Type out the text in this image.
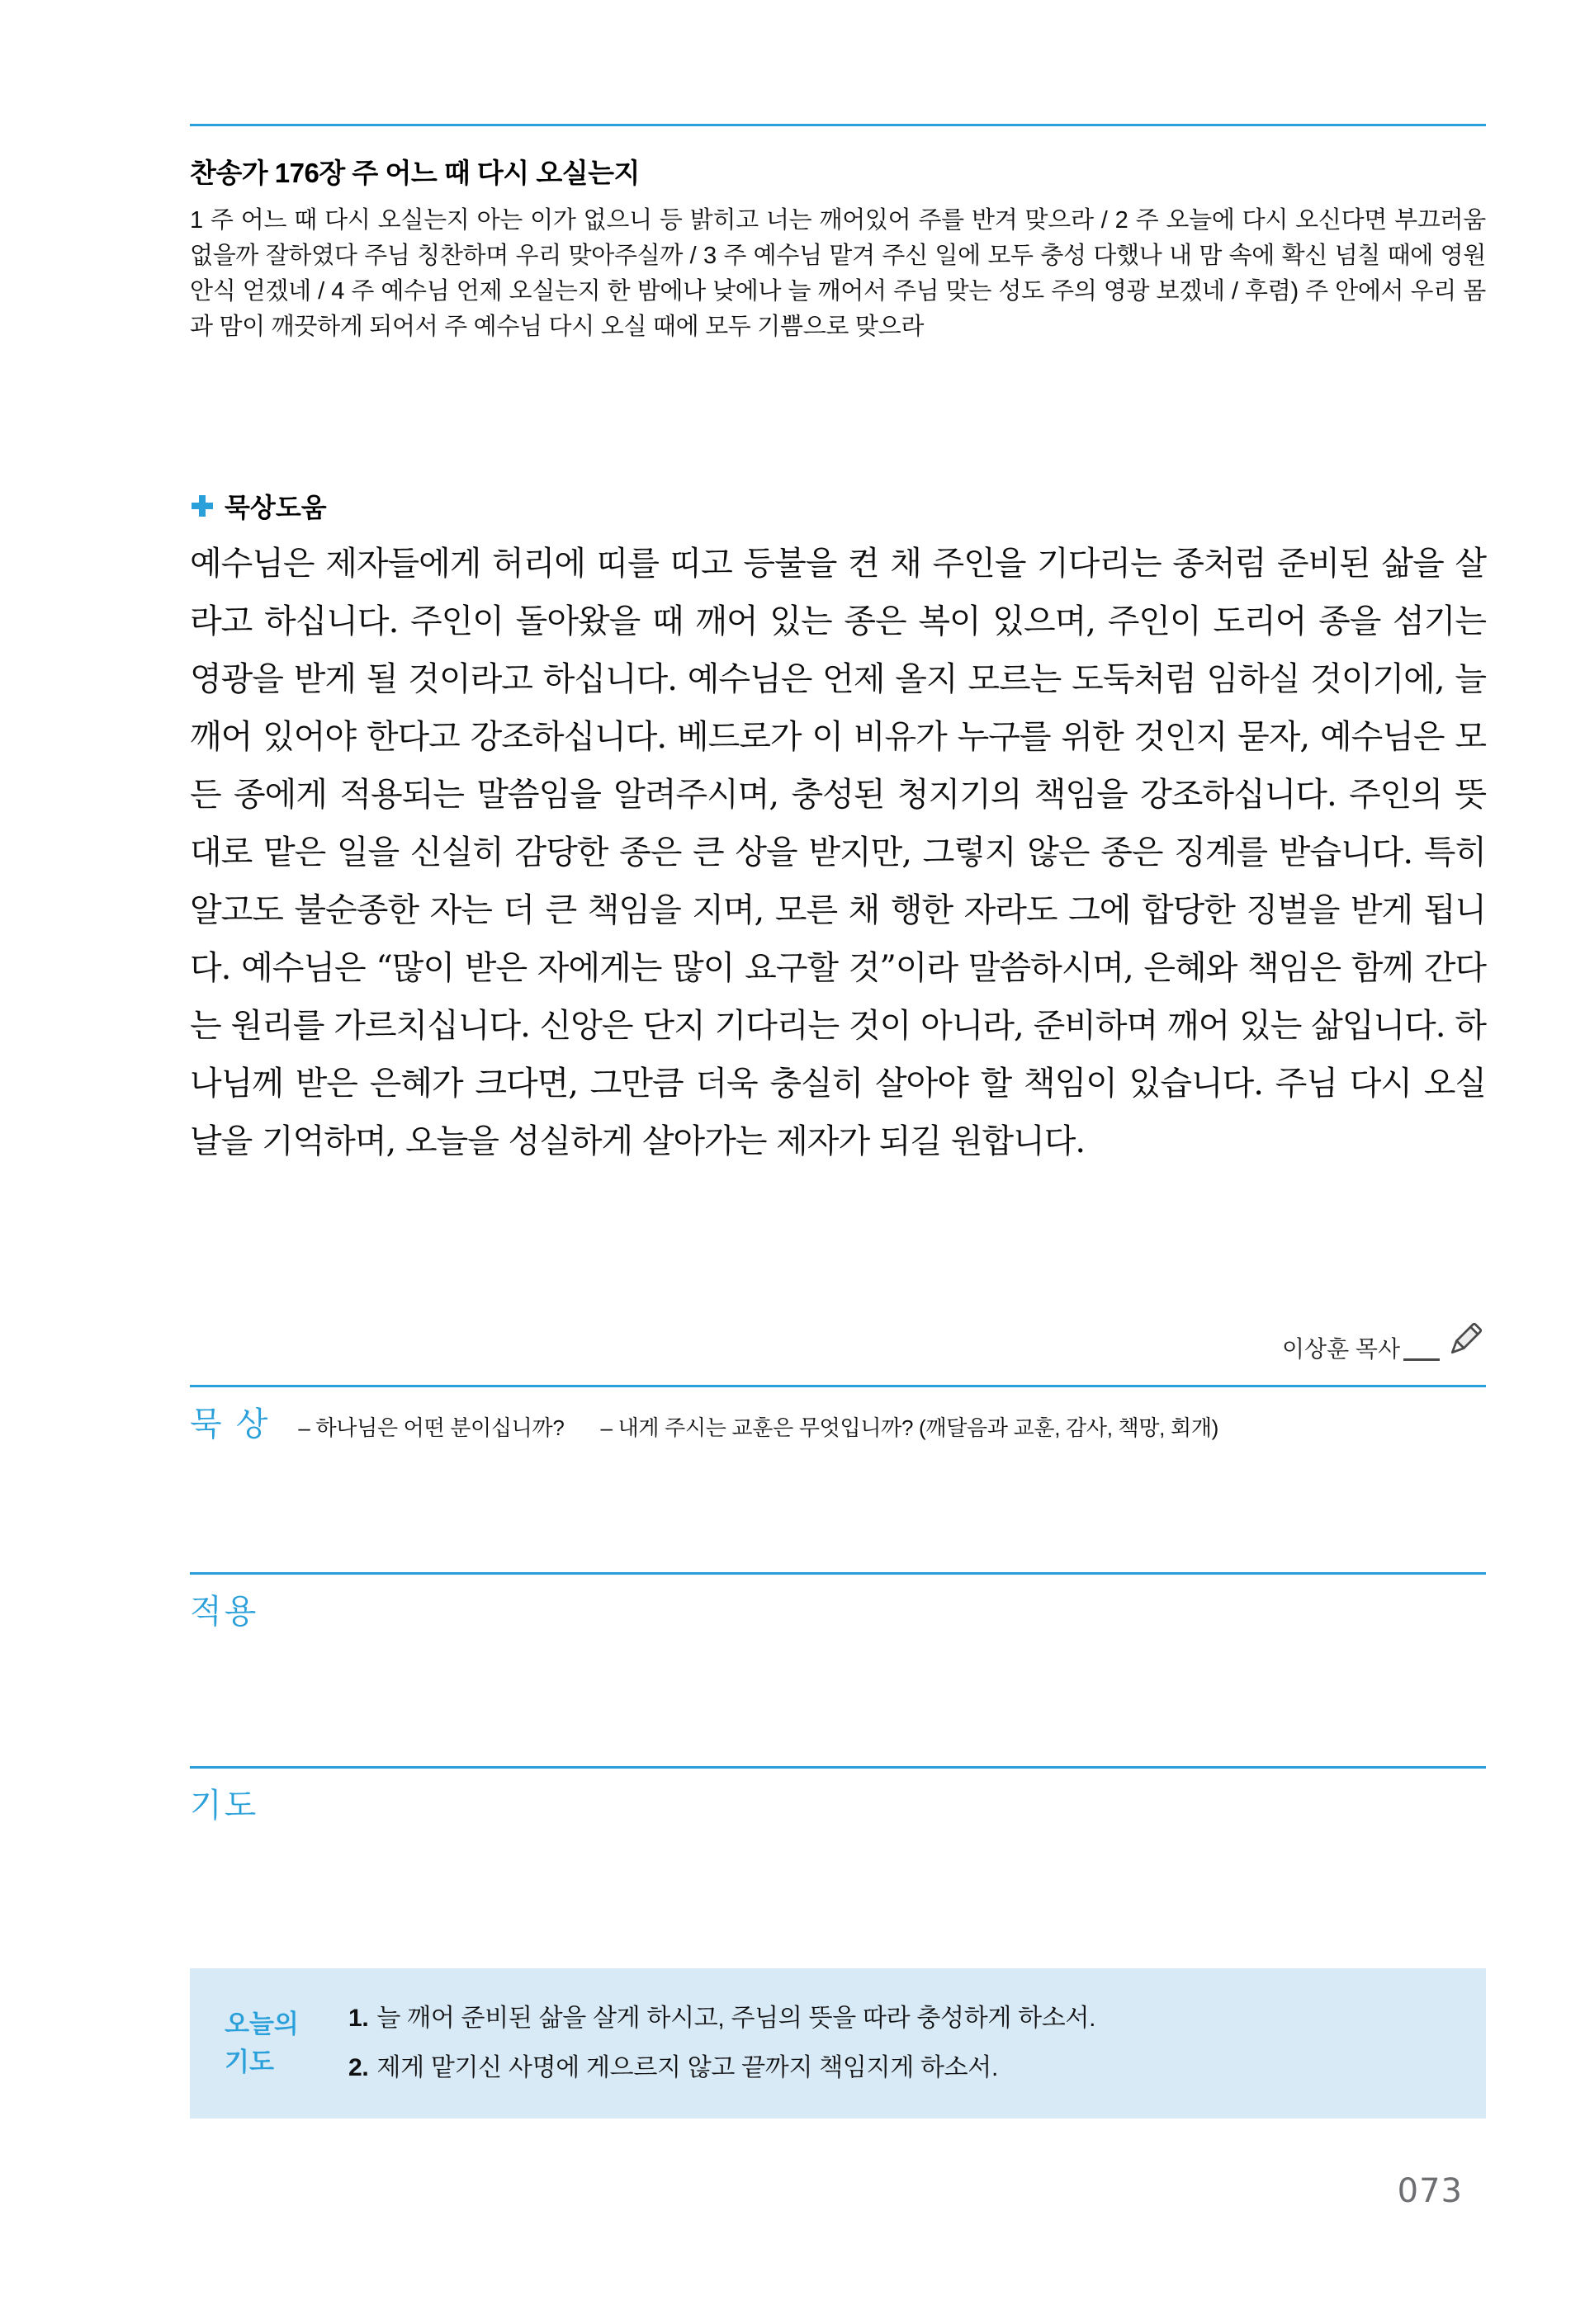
찬송가 176장 주 어느 때 다시 오실는지

1 주 어느 때 다시 오실는지 아는 이가 없으니 등 밝히고 너는 깨어있어 주를 반겨 맞으라 / 2 주 오늘에 다시 오신다면 부끄러움 없을까 잘하였다 주님 칭찬하며 우리 맞아주실까 / 3 주 예수님 맡겨 주신 일에 모두 충성 다했나 내 맘 속에 확신 넘칠 때에 영원 안식 얻겠네 / 4 주 예수님 언제 오실는지 한 밤에나 낮에나 늘 깨어서 주님 맞는 성도 주의 영광 보겠네 / 후렴) 주 안에서 우리 몸과 맘이 깨끗하게 되어서 주 예수님 다시 오실 때에 모두 기쁨으로 맞으라

묵상도움

예수님은 제자들에게 허리에 띠를 띠고 등불을 켠 채 주인을 기다리는 종처럼 준비된 삶을 살라고 하십니다. 주인이 돌아왔을 때 깨어 있는 종은 복이 있으며, 주인이 도리어 종을 섬기는 영광을 받게 될 것이라고 하십니다. 예수님은 언제 올지 모르는 도둑처럼 임하실 것이기에, 늘 깨어 있어야 한다고 강조하십니다. 베드로가 이 비유가 누구를 위한 것인지 묻자, 예수님은 모든 종에게 적용되는 말씀임을 알려주시며, 충성된 청지기의 책임을 강조하십니다. 주인의 뜻대로 맡은 일을 신실히 감당한 종은 큰 상을 받지만, 그렇지 않은 종은 징계를 받습니다. 특히 알고도 불순종한 자는 더 큰 책임을 지며, 모른 채 행한 자라도 그에 합당한 징벌을 받게 됩니다. 예수님은 “많이 받은 자에게는 많이 요구할 것”이라 말씀하시며, 은혜와 책임은 함께 간다는 원리를 가르치십니다. 신앙은 단지 기다리는 것이 아니라, 준비하며 깨어 있는 삶입니다. 하나님께 받은 은혜가 크다면, 그만큼 더욱 충실히 살아야 할 책임이 있습니다. 주님 다시 오실 날을 기억하며, 오늘을 성실하게 살아가는 제자가 되길 원합니다.

이상훈 목사
묵 상 – 하나님은 어떤 분이십니까? – 내게 주시는 교훈은 무엇입니까? (깨달음과 교훈, 감사, 책망, 회개)
적용
기도
오늘의
기도
1. 늘 깨어 준비된 삶을 살게 하시고, 주님의 뜻을 따라 충성하게 하소서.
2. 제게 맡기신 사명에 게으르지 않고 끝까지 책임지게 하소서.
073
